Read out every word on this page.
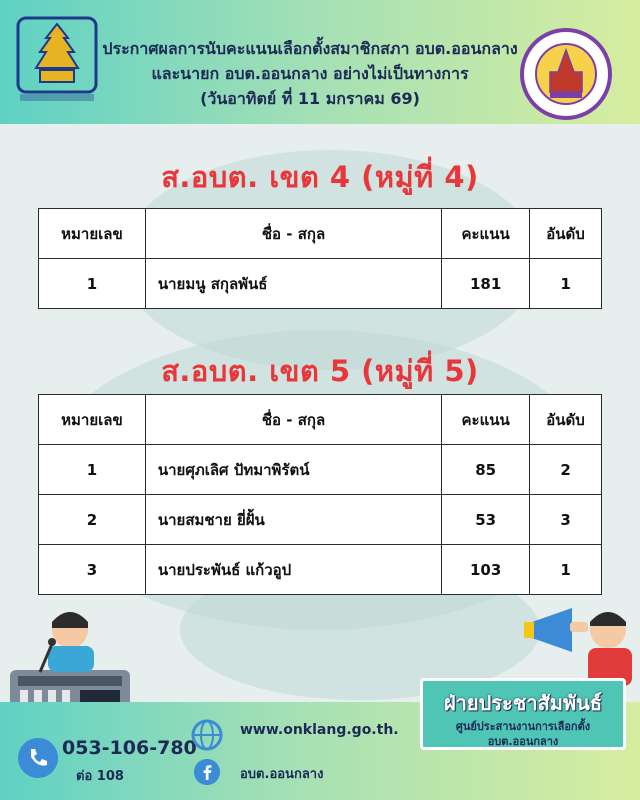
ประกาศผลการนับคะแนนเลือกตั้งสมาชิกสภา อบต.ออนกลาง
และนายก อบต.ออนกลาง อย่างไม่เป็นทางการ
(วันอาทิตย์ ที่ 11 มกราคม 69)
ส.อบต. เขต 4 (หมู่ที่ 4)
หมายเลข	ชื่อ - สกุล	คะแนน	อันดับ
1	นายมนู สกุลพันธ์	181	1
ส.อบต. เขต 5 (หมู่ที่ 5)
หมายเลข	ชื่อ - สกุล	คะแนน	อันดับ
1	นายศุภเลิศ ปัทมาพิรัตน์	85	2
2	นายสมชาย ยี่ฝั้น	53	3
3	นายประพันธ์ แก้วอูป	103	1
ฝ่ายประชาสัมพันธ์
ศูนย์ประสานงานการเลือกตั้ง
อบต.ออนกลาง
053-106-780
ต่อ 108
www.onklang.go.th.
อบต.ออนกลาง
